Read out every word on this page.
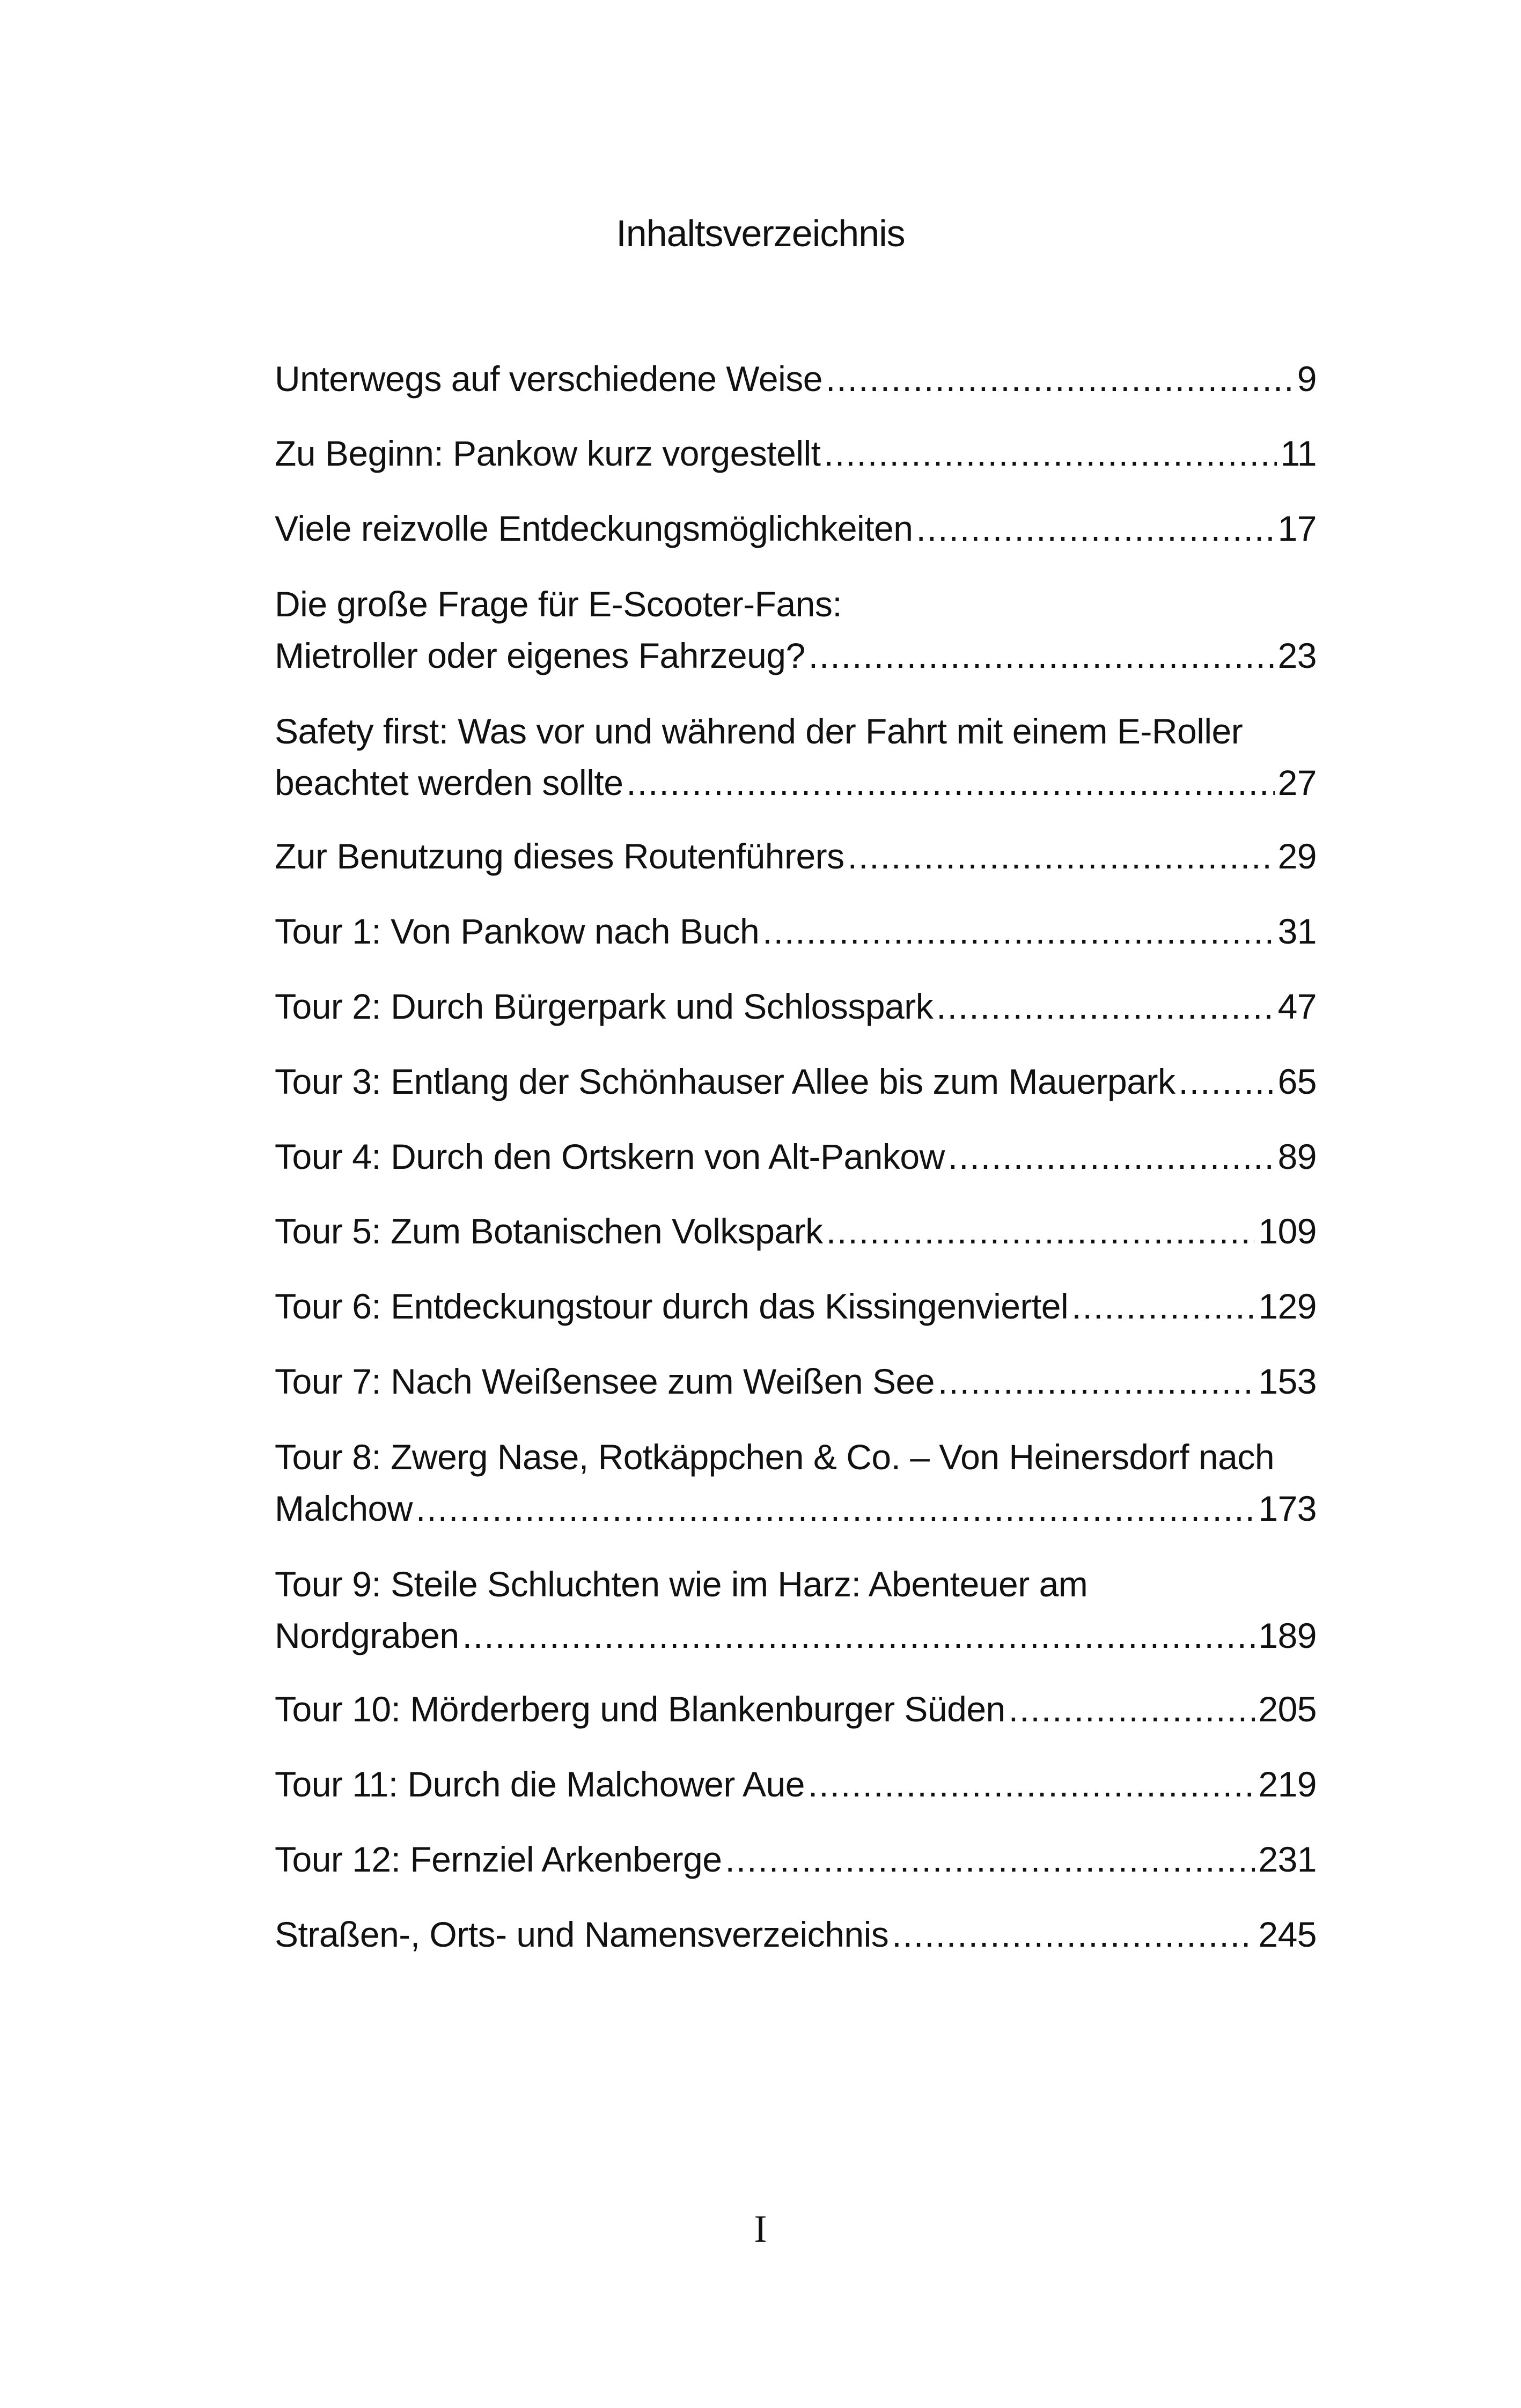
Inhaltsverzeichnis
Unterwegs auf verschiedene Weise .....	9
Zu Beginn: Pankow kurz vorgestellt .....	11
Viele reizvolle Entdeckungsmöglichkeiten .....	17
Die große Frage für E-Scooter-Fans:
Mietroller oder eigenes Fahrzeug? .....	23
Safety first: Was vor und während der Fahrt mit einem E-Roller
beachtet werden sollte .....	27
Zur Benutzung dieses Routenführers .....	29
Tour 1: Von Pankow nach Buch .....	31
Tour 2: Durch Bürgerpark und Schlosspark .....	47
Tour 3: Entlang der Schönhauser Allee bis zum Mauerpark .....	65
Tour 4: Durch den Ortskern von Alt-Pankow .....	89
Tour 5: Zum Botanischen Volkspark .....	109
Tour 6: Entdeckungstour durch das Kissingenviertel .....	129
Tour 7: Nach Weißensee zum Weißen See .....	153
Tour 8: Zwerg Nase, Rotkäppchen & Co. – Von Heinersdorf nach
Malchow .....	173
Tour 9: Steile Schluchten wie im Harz: Abenteuer am
Nordgraben .....	189
Tour 10: Mörderberg und Blankenburger Süden .....	205
Tour 11: Durch die Malchower Aue .....	219
Tour 12: Fernziel Arkenberge .....	231
Straßen-, Orts- und Namensverzeichnis .....	245
I
